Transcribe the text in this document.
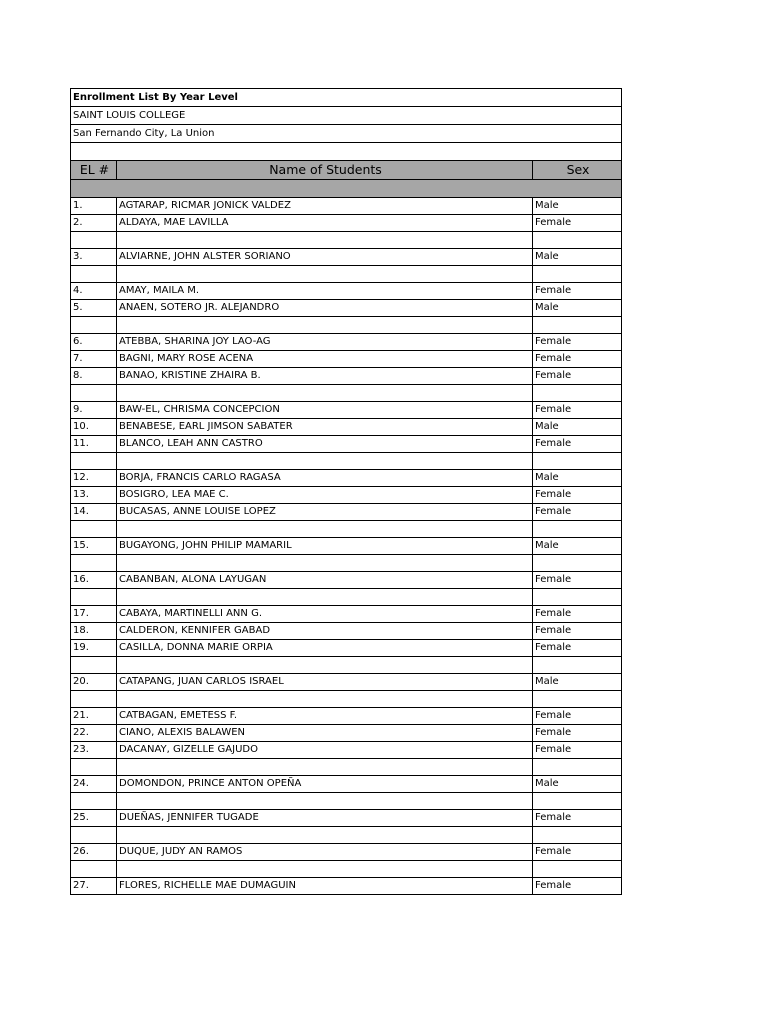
Enrollment List By Year Level		
SAINT LOUIS COLLEGE		
San Fernando City, La Union		

EL #	Name of Students	Sex

1.	AGTARAP, RICMAR JONICK VALDEZ	Male
2.	ALDAYA, MAE LAVILLA	Female

3.	ALVIARNE, JOHN ALSTER SORIANO	Male

4.	AMAY, MAILA M.	Female
5.	ANAEN, SOTERO JR. ALEJANDRO	Male

6.	ATEBBA, SHARINA JOY LAO-AG	Female
7.	BAGNI, MARY ROSE ACENA	Female
8.	BANAO, KRISTINE ZHAIRA B.	Female

9.	BAW-EL, CHRISMA CONCEPCION	Female
10.	BENABESE, EARL JIMSON SABATER	Male
11.	BLANCO, LEAH ANN CASTRO	Female

12.	BORJA, FRANCIS CARLO RAGASA	Male
13.	BOSIGRO, LEA MAE C.	Female
14.	BUCASAS, ANNE LOUISE LOPEZ	Female

15.	BUGAYONG, JOHN PHILIP MAMARIL	Male

16.	CABANBAN, ALONA LAYUGAN	Female

17.	CABAYA, MARTINELLI ANN G.	Female
18.	CALDERON, KENNIFER GABAD	Female
19.	CASILLA, DONNA MARIE ORPIA	Female

20.	CATAPANG, JUAN CARLOS ISRAEL	Male

21.	CATBAGAN, EMETESS F.	Female
22.	CIANO, ALEXIS BALAWEN	Female
23.	DACANAY, GIZELLE GAJUDO	Female

24.	DOMONDON, PRINCE ANTON OPEÑA	Male

25.	DUEÑAS, JENNIFER TUGADE	Female

26.	DUQUE, JUDY AN RAMOS	Female

27.	FLORES, RICHELLE MAE DUMAGUIN	Female
